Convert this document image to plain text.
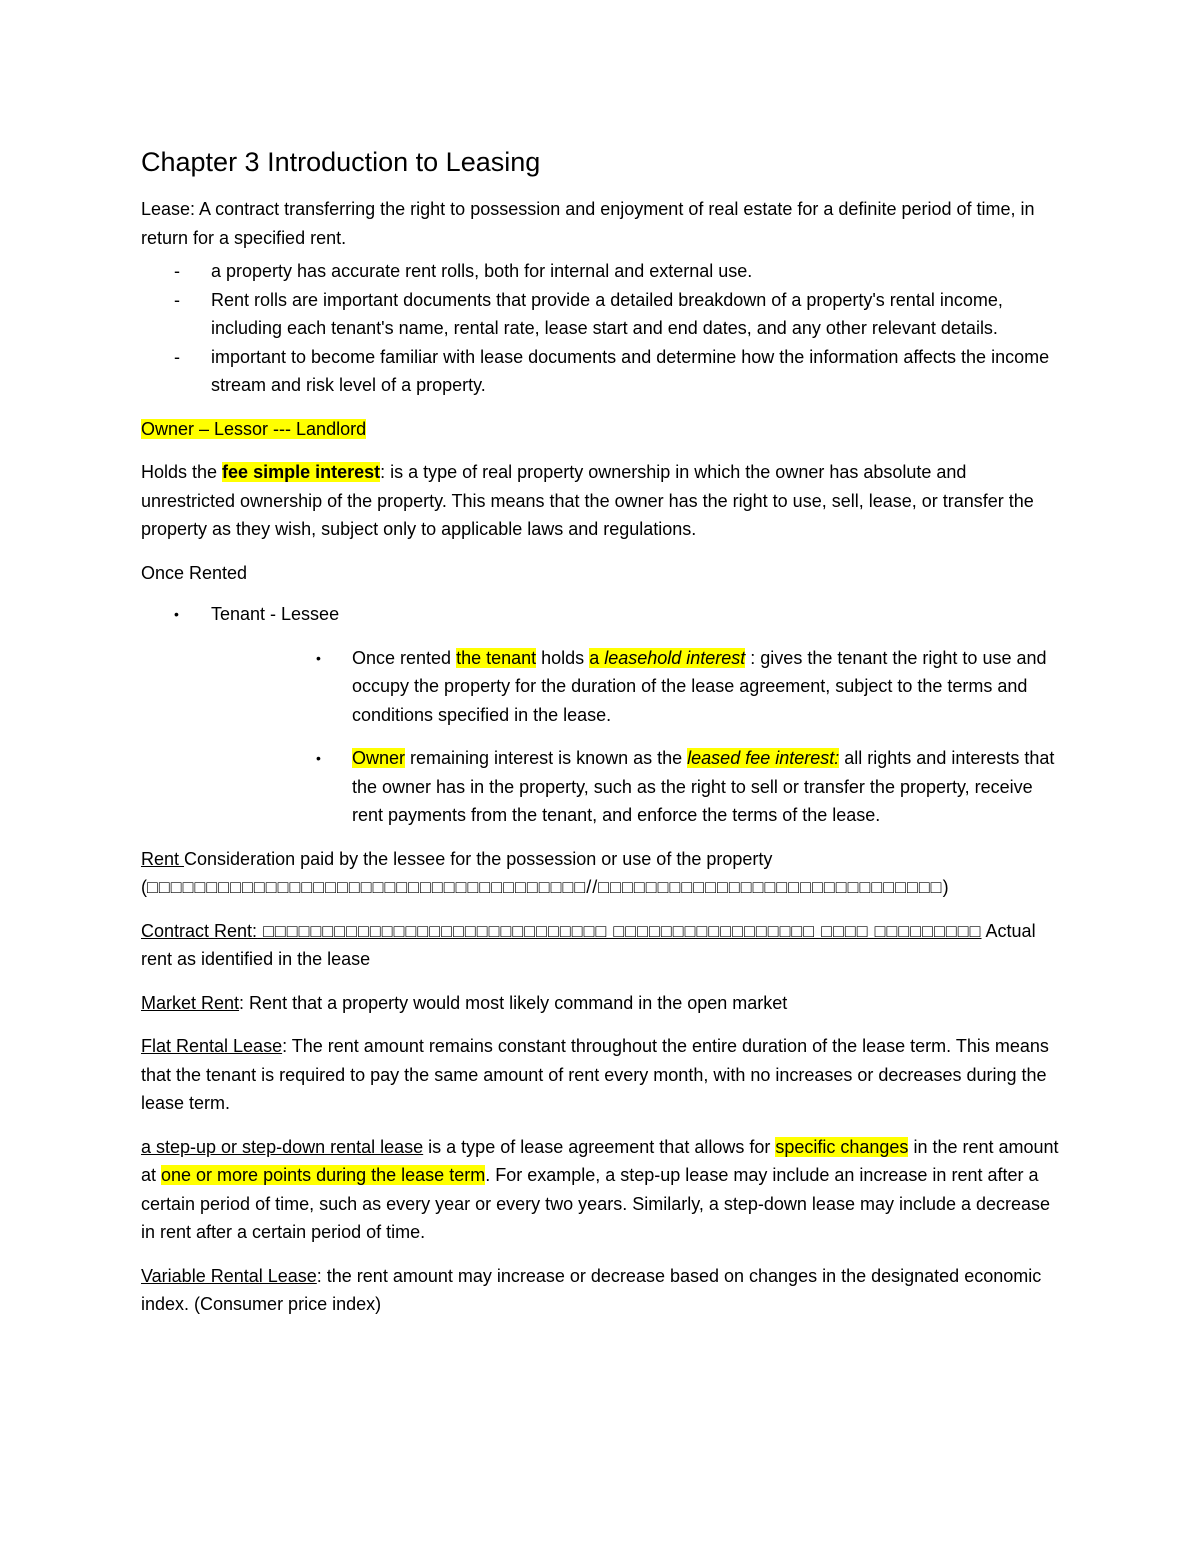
Chapter 3 Introduction to Leasing

Lease: A contract transferring the right to possession and enjoyment of real estate for a definite period of time, in return for a specified rent.

- a property has accurate rent rolls, both for internal and external use.
- Rent rolls are important documents that provide a detailed breakdown of a property's rental income, including each tenant's name, rental rate, lease start and end dates, and any other relevant details.
- important to become familiar with lease documents and determine how the information affects the income stream and risk level of a property.

Owner – Lessor --- Landlord

Holds the fee simple interest: is a type of real property ownership in which the owner has absolute and unrestricted ownership of the property. This means that the owner has the right to use, sell, lease, or transfer the property as they wish, subject only to applicable laws and regulations.

Once Rented

• Tenant - Lessee
• Once rented the tenant holds a leasehold interest : gives the tenant the right to use and occupy the property for the duration of the lease agreement, subject to the terms and conditions specified in the lease.
• Owner remaining interest is known as the leased fee interest: all rights and interests that the owner has in the property, such as the right to sell or transfer the property, receive rent payments from the tenant, and enforce the terms of the lease.

Rent Consideration paid by the lessee for the possession or use of the property (□□□□□□□□□□□□□□□□□□□□□□□□□□□□□□□□□□□□□//□□□□□□□□□□□□□□□□□□□□□□□□□□□□□)

Contract Rent: □□□□□□□□□□□□□□□□□□□□□□□□□□□□□ □□□□□□□□□□□□□□□□□ □□□□ □□□□□□□□□ Actual rent as identified in the lease

Market Rent: Rent that a property would most likely command in the open market

Flat Rental Lease: The rent amount remains constant throughout the entire duration of the lease term. This means that the tenant is required to pay the same amount of rent every month, with no increases or decreases during the lease term.

a step-up or step-down rental lease is a type of lease agreement that allows for specific changes in the rent amount at one or more points during the lease term. For example, a step-up lease may include an increase in rent after a certain period of time, such as every year or every two years. Similarly, a step-down lease may include a decrease in rent after a certain period of time.

Variable Rental Lease: the rent amount may increase or decrease based on changes in the designated economic index. (Consumer price index)
